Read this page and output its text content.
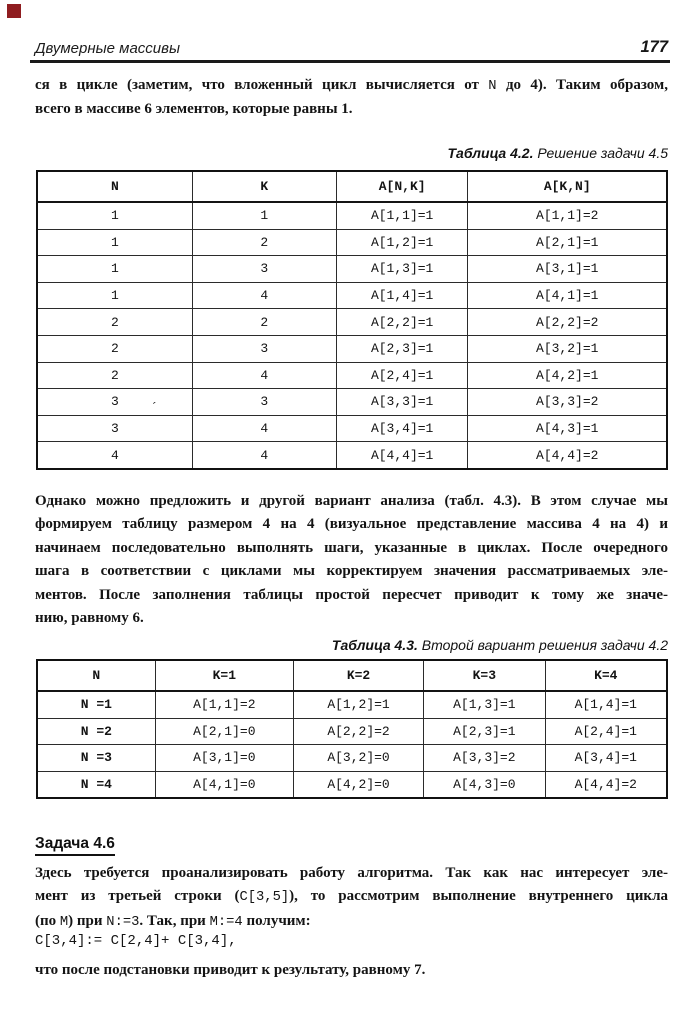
Двумерные массивы	177
ся в цикле (заметим, что вложенный цикл вычисляется от N до 4). Таким образом,
всего в массиве 6 элементов, которые равны 1.
Таблица 4.2. Решение задачи 4.5
N	K	A[N,K]	A[K,N]
1	1	A[1,1]=1	A[1,1]=2
1	2	A[1,2]=1	A[2,1]=1
1	3	A[1,3]=1	A[3,1]=1
1	4	A[1,4]=1	A[4,1]=1
2	2	A[2,2]=1	A[2,2]=2
2	3	A[2,3]=1	A[3,2]=1
2	4	A[2,4]=1	A[4,2]=1
3	3	A[3,3]=1	A[3,3]=2
3	4	A[3,4]=1	A[4,3]=1
4	4	A[4,4]=1	A[4,4]=2
´
Однако можно предложить и другой вариант анализа (табл. 4.3). В этом случае мы
формируем таблицу размером 4 на 4 (визуальное представление массива 4 на 4) и
начинаем последовательно выполнять шаги, указанные в циклах. После очередного
шага в соответствии с циклами мы корректируем значения рассматриваемых эле-
ментов. После заполнения таблицы простой пересчет приводит к тому же значе-
нию, равному 6.
Таблица 4.3. Второй вариант решения задачи 4.2
N	K=1	K=2	K=3	K=4
N =1	A[1,1]=2	A[1,2]=1	A[1,3]=1	A[1,4]=1
N =2	A[2,1]=0	A[2,2]=2	A[2,3]=1	A[2,4]=1
N =3	A[3,1]=0	A[3,2]=0	A[3,3]=2	A[3,4]=1
N =4	A[4,1]=0	A[4,2]=0	A[4,3]=0	A[4,4]=2
Задача 4.6
Здесь требуется проанализировать работу алгоритма. Так как нас интересует эле-
мент из третьей строки (C[3,5]), то рассмотрим выполнение внутреннего цикла
(по M) при N:=3. Так, при M:=4 получим:
C[3,4]:= C[2,4]+ C[3,4],
что после подстановки приводит к результату, равному 7.
